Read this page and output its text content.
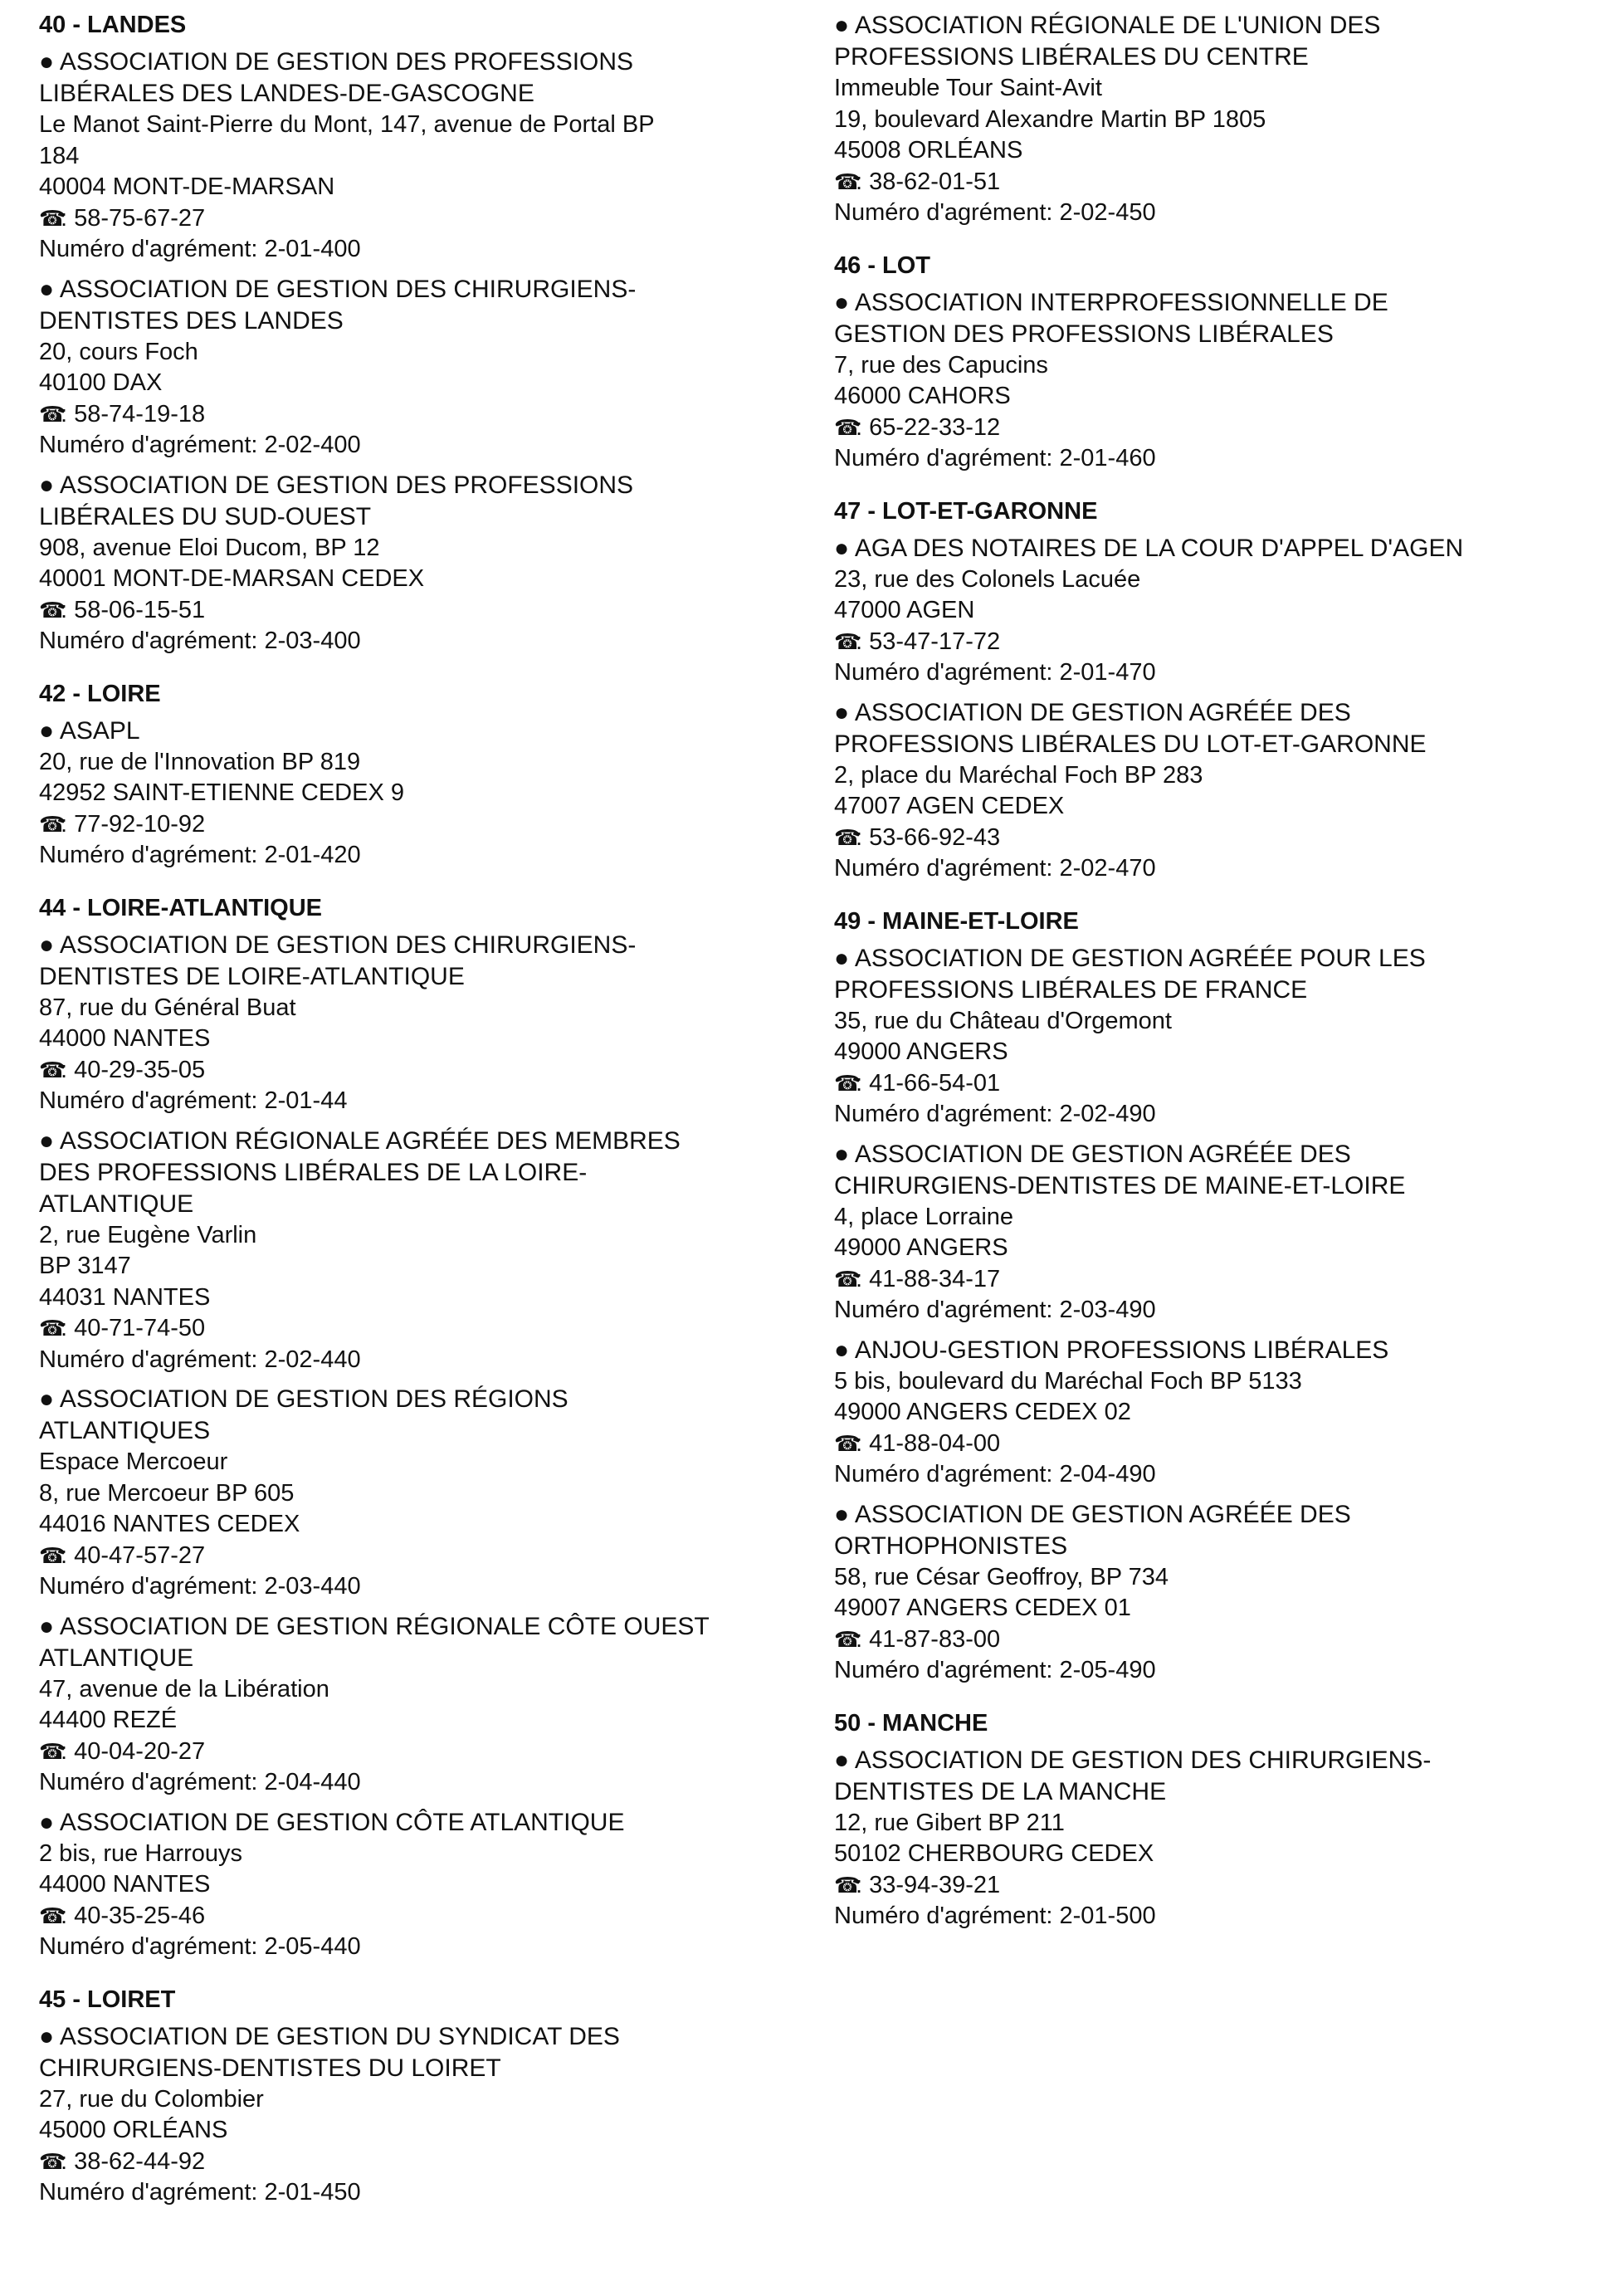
40 - LANDES
● ASSOCIATION DE GESTION DES PROFESSIONS
LIBÉRALES DES LANDES-DE-GASCOGNE
Le Manot Saint-Pierre du Mont, 147, avenue de Portal BP
184
40004 MONT-DE-MARSAN
☎: 58-75-67-27
Numéro d'agrément: 2-01-400
● ASSOCIATION DE GESTION DES CHIRURGIENS-
DENTISTES DES LANDES
20, cours Foch
40100 DAX
☎: 58-74-19-18
Numéro d'agrément: 2-02-400
● ASSOCIATION DE GESTION DES PROFESSIONS
LIBÉRALES DU SUD-OUEST
908, avenue Eloi Ducom, BP 12
40001 MONT-DE-MARSAN CEDEX
☎: 58-06-15-51
Numéro d'agrément: 2-03-400
42 - LOIRE
● ASAPL
20, rue de l'Innovation BP 819
42952 SAINT-ETIENNE CEDEX 9
☎: 77-92-10-92
Numéro d'agrément: 2-01-420
44 - LOIRE-ATLANTIQUE
● ASSOCIATION DE GESTION DES CHIRURGIENS-
DENTISTES DE LOIRE-ATLANTIQUE
87, rue du Général Buat
44000 NANTES
☎: 40-29-35-05
Numéro d'agrément: 2-01-44
● ASSOCIATION RÉGIONALE AGRÉÉE DES MEMBRES
DES PROFESSIONS LIBÉRALES DE LA LOIRE-
ATLANTIQUE
2, rue Eugène Varlin
BP 3147
44031 NANTES
☎: 40-71-74-50
Numéro d'agrément: 2-02-440
● ASSOCIATION DE GESTION DES RÉGIONS
ATLANTIQUES
Espace Mercoeur
8, rue Mercoeur BP 605
44016 NANTES CEDEX
☎: 40-47-57-27
Numéro d'agrément: 2-03-440
● ASSOCIATION DE GESTION RÉGIONALE CÔTE OUEST
ATLANTIQUE
47, avenue de la Libération
44400 REZÉ
☎: 40-04-20-27
Numéro d'agrément: 2-04-440
● ASSOCIATION DE GESTION CÔTE ATLANTIQUE
2 bis, rue Harrouys
44000 NANTES
☎: 40-35-25-46
Numéro d'agrément: 2-05-440
45 - LOIRET
● ASSOCIATION DE GESTION DU SYNDICAT DES
CHIRURGIENS-DENTISTES DU LOIRET
27, rue du Colombier
45000 ORLÉANS
☎: 38-62-44-92
Numéro d'agrément: 2-01-450
● ASSOCIATION RÉGIONALE DE L'UNION DES
PROFESSIONS LIBÉRALES DU CENTRE
Immeuble Tour Saint-Avit
19, boulevard Alexandre Martin BP 1805
45008 ORLÉANS
☎: 38-62-01-51
Numéro d'agrément: 2-02-450
46 - LOT
● ASSOCIATION INTERPROFESSIONNELLE DE
GESTION DES PROFESSIONS LIBÉRALES
7, rue des Capucins
46000 CAHORS
☎: 65-22-33-12
Numéro d'agrément: 2-01-460
47 - LOT-ET-GARONNE
● AGA DES NOTAIRES DE LA COUR D'APPEL D'AGEN
23, rue des Colonels Lacuée
47000 AGEN
☎: 53-47-17-72
Numéro d'agrément: 2-01-470
● ASSOCIATION DE GESTION AGRÉÉE DES
PROFESSIONS LIBÉRALES DU LOT-ET-GARONNE
2, place du Maréchal Foch BP 283
47007 AGEN CEDEX
☎: 53-66-92-43
Numéro d'agrément: 2-02-470
49 - MAINE-ET-LOIRE
● ASSOCIATION DE GESTION AGRÉÉE POUR LES
PROFESSIONS LIBÉRALES DE FRANCE
35, rue du Château d'Orgemont
49000 ANGERS
☎: 41-66-54-01
Numéro d'agrément: 2-02-490
● ASSOCIATION DE GESTION AGRÉÉE DES
CHIRURGIENS-DENTISTES DE MAINE-ET-LOIRE
4, place Lorraine
49000 ANGERS
☎: 41-88-34-17
Numéro d'agrément: 2-03-490
● ANJOU-GESTION PROFESSIONS LIBÉRALES
5 bis, boulevard du Maréchal Foch BP 5133
49000 ANGERS CEDEX 02
☎: 41-88-04-00
Numéro d'agrément: 2-04-490
● ASSOCIATION DE GESTION AGRÉÉE DES
ORTHOPHONISTES
58, rue César Geoffroy, BP 734
49007 ANGERS CEDEX 01
☎: 41-87-83-00
Numéro d'agrément: 2-05-490
50 - MANCHE
● ASSOCIATION DE GESTION DES CHIRURGIENS-
DENTISTES DE LA MANCHE
12, rue Gibert BP 211
50102 CHERBOURG CEDEX
☎: 33-94-39-21
Numéro d'agrément: 2-01-500
